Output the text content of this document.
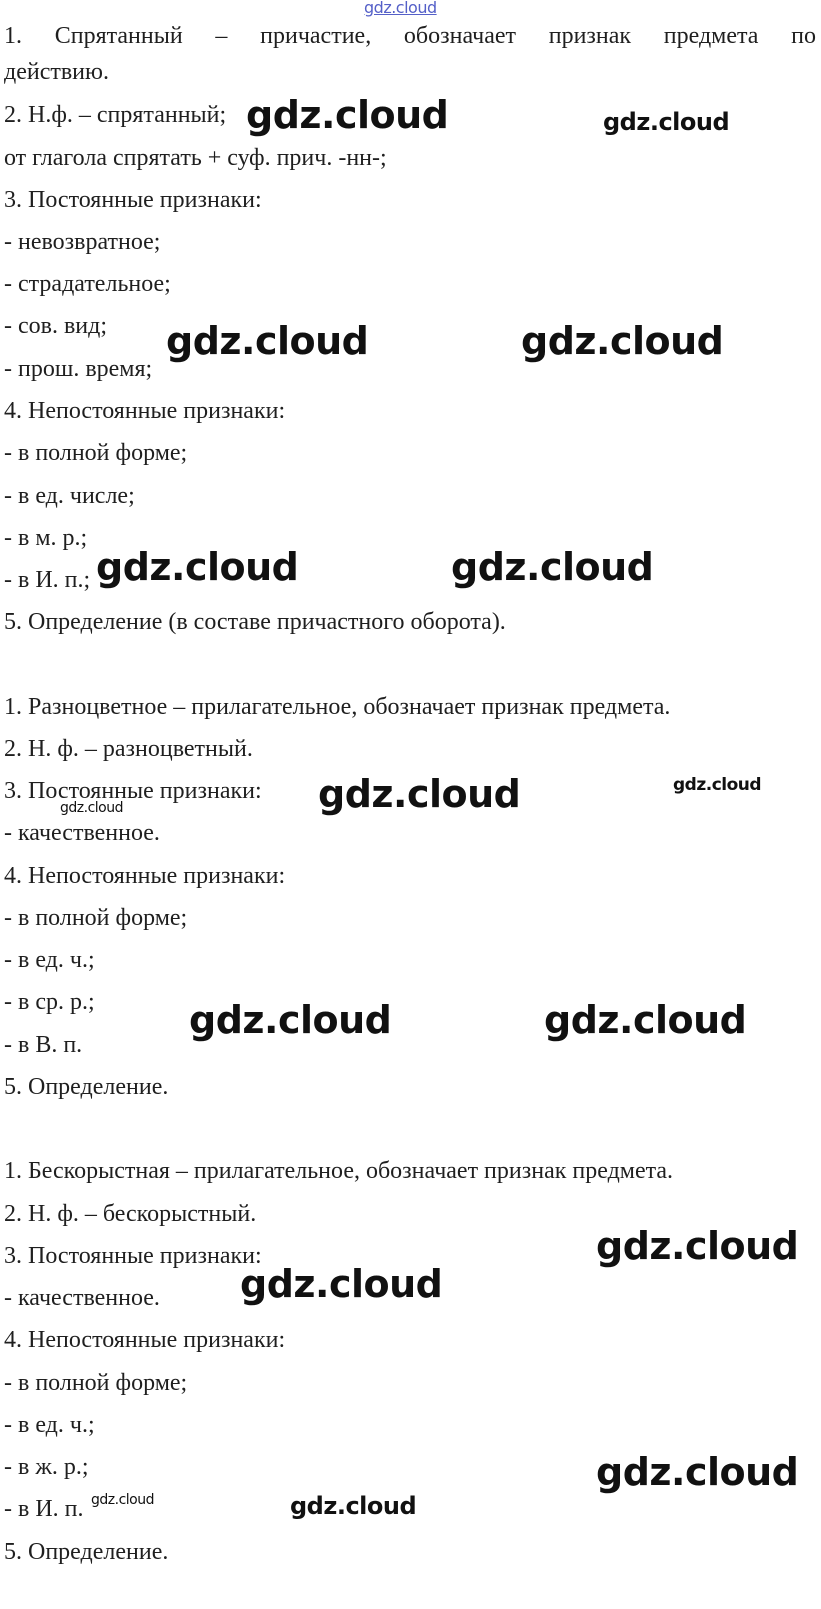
1. Спрятанный – причастие, обозначает признак предмета по
действию.
2. Н.ф. – спрятанный;
от глагола спрятать + суф. прич. -нн-;
3. Постоянные признаки:
- невозвратное;
- страдательное;
- сов. вид;
- прош. время;
4. Непостоянные признаки:
- в полной форме;
- в ед. числе;
- в м. р.;
- в И. п.;
5. Определение (в составе причастного оборота).
1. Разноцветное – прилагательное, обозначает признак предмета.
2. Н. ф. – разноцветный.
3. Постоянные признаки:
- качественное.
4. Непостоянные признаки:
- в полной форме;
- в ед. ч.;
- в ср. р.;
- в В. п.
5. Определение.
1. Бескорыстная – прилагательное, обозначает признак предмета.
2. Н. ф. – бескорыстный.
3. Постоянные признаки:
- качественное.
4. Непостоянные признаки:
- в полной форме;
- в ед. ч.;
- в ж. р.;
- в И. п.
5. Определение.
gdz.cloud
gdz.cloud	gdz.cloud
gdz.cloud	gdz.cloud
gdz.cloud	gdz.cloud
gdz.cloud	gdz.cloud
gdz.cloud
gdz.cloud	gdz.cloud
gdz.cloud
gdz.cloud
gdz.cloud
gdz.cloud	gdz.cloud
